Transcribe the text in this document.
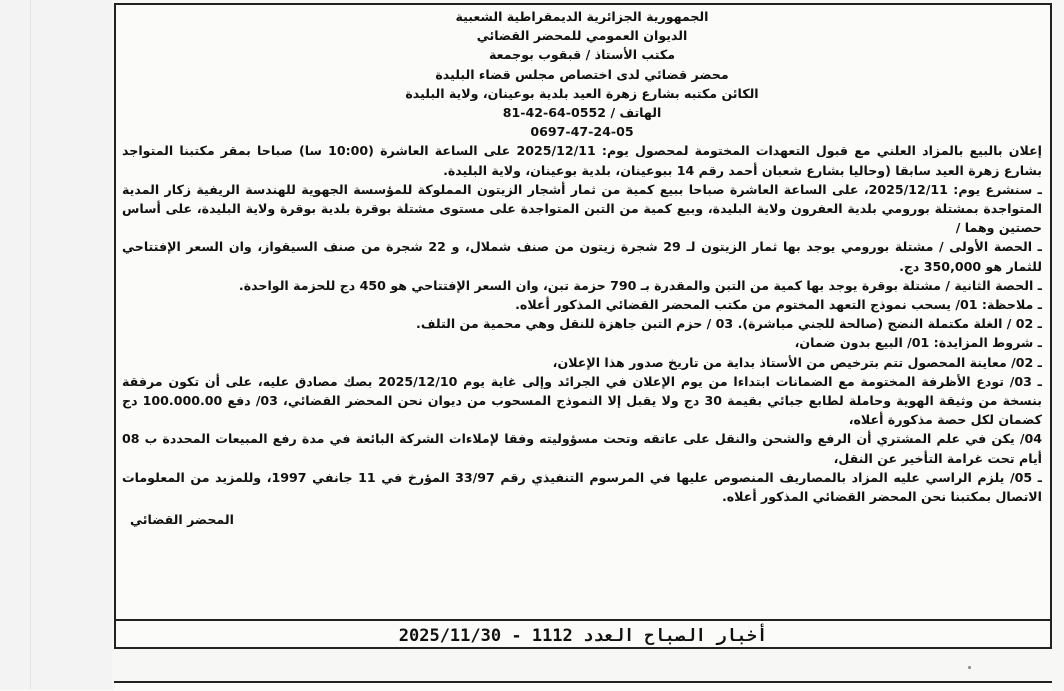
الجمهورية الجزائرية الديمقراطية الشعبية
الديوان العمومي للمحضر القضائي
مكتب الأستاذ / قبقوب بوجمعة
محضر قضائي لدى اختصاص مجلس قضاء البليدة
الكائن مكتبه بشارع زهرة العيد بلدية بوعينان، ولاية البليدة
الهاتف / 0552-64-42-81
0697-47-24-05

إعلان بالبيع بالمزاد العلني مع قبول التعهدات المختومة لمحصول يوم: 2025/12/11 على الساعة العاشرة (10:00 سا) صباحا بمقر مكتبنا المتواجد بشارع زهرة العيد سابقا (وحاليا بشارع شعبان أحمد رقم 14 ببوعينان، بلدية بوعينان، ولاية البليدة.

ـ سنشرع يوم: 2025/12/11، على الساعة العاشرة صباحا ببيع كمية من ثمار أشجار الزيتون المملوكة للمؤسسة الجهوية للهندسة الريفية زكار المدية المتواجدة بمشتلة بورومي بلدية العفرون ولاية البليدة، وبيع كمية من التبن المتواجدة على مستوى مشتلة بوقرة بلدية بوقرة ولاية البليدة، على أساس حصتين وهما /

ـ الحصة الأولى / مشتلة بورومي يوجد بها ثمار الزيتون لـ 29 شجرة زيتون من صنف شملال، و 22 شجرة من صنف السيقواز، وان السعر الإفتتاحي للثمار هو 350,000 دج.

ـ الحصة الثانية / مشتلة بوقرة يوجد بها كمية من التبن والمقدرة بـ 790 حزمة تبن، وان السعر الإفتتاحي هو 450 دج للحزمة الواحدة.

ـ ملاحظة: 01/ يسحب نموذج التعهد المختوم من مكتب المحضر القضائي المذكور أعلاه.

ـ 02 / الغلة مكتملة النضج (صالحة للجني مباشرة). 03 / حزم التبن جاهزة للنقل وهي محمية من التلف.

ـ شروط المزايدة: 01/ البيع بدون ضمان،

ـ 02/ معاينة المحصول تتم بترخيص من الأستاذ بداية من تاريخ صدور هذا الإعلان،

ـ 03/ تودع الأظرفة المختومة مع الضمانات ابتداءا من يوم الإعلان في الجرائد وإلى غاية يوم 2025/12/10 بصك مصادق عليه، على أن تكون مرفقة بنسخة من وثيقة الهوية وحاملة لطابع جبائي بقيمة 30 دج ولا يقبل إلا النموذج المسحوب من ديوان نحن المحضر القضائي، 03/ دفع 100.000.00 دج كضمان لكل حصة مذكورة أعلاه،

04/ يكن في علم المشتري أن الرفع والشحن والنقل على عاتقه وتحت مسؤوليته وفقا لإملاءات الشركة البائعة في مدة رفع المبيعات المحددة ب 08 أيام تحت غرامة التأخير عن النقل،

ـ 05/ يلزم الراسي عليه المزاد بالمصاريف المنصوص عليها في المرسوم التنفيذي رقم 33/97 المؤرخ في 11 جانفي 1997، وللمزيد من المعلومات الاتصال بمكتبنا نحن المحضر القضائي المذكور أعلاه.

المحضر القضائي

أخبار الصباح العدد 1112 - 2025/11/30
